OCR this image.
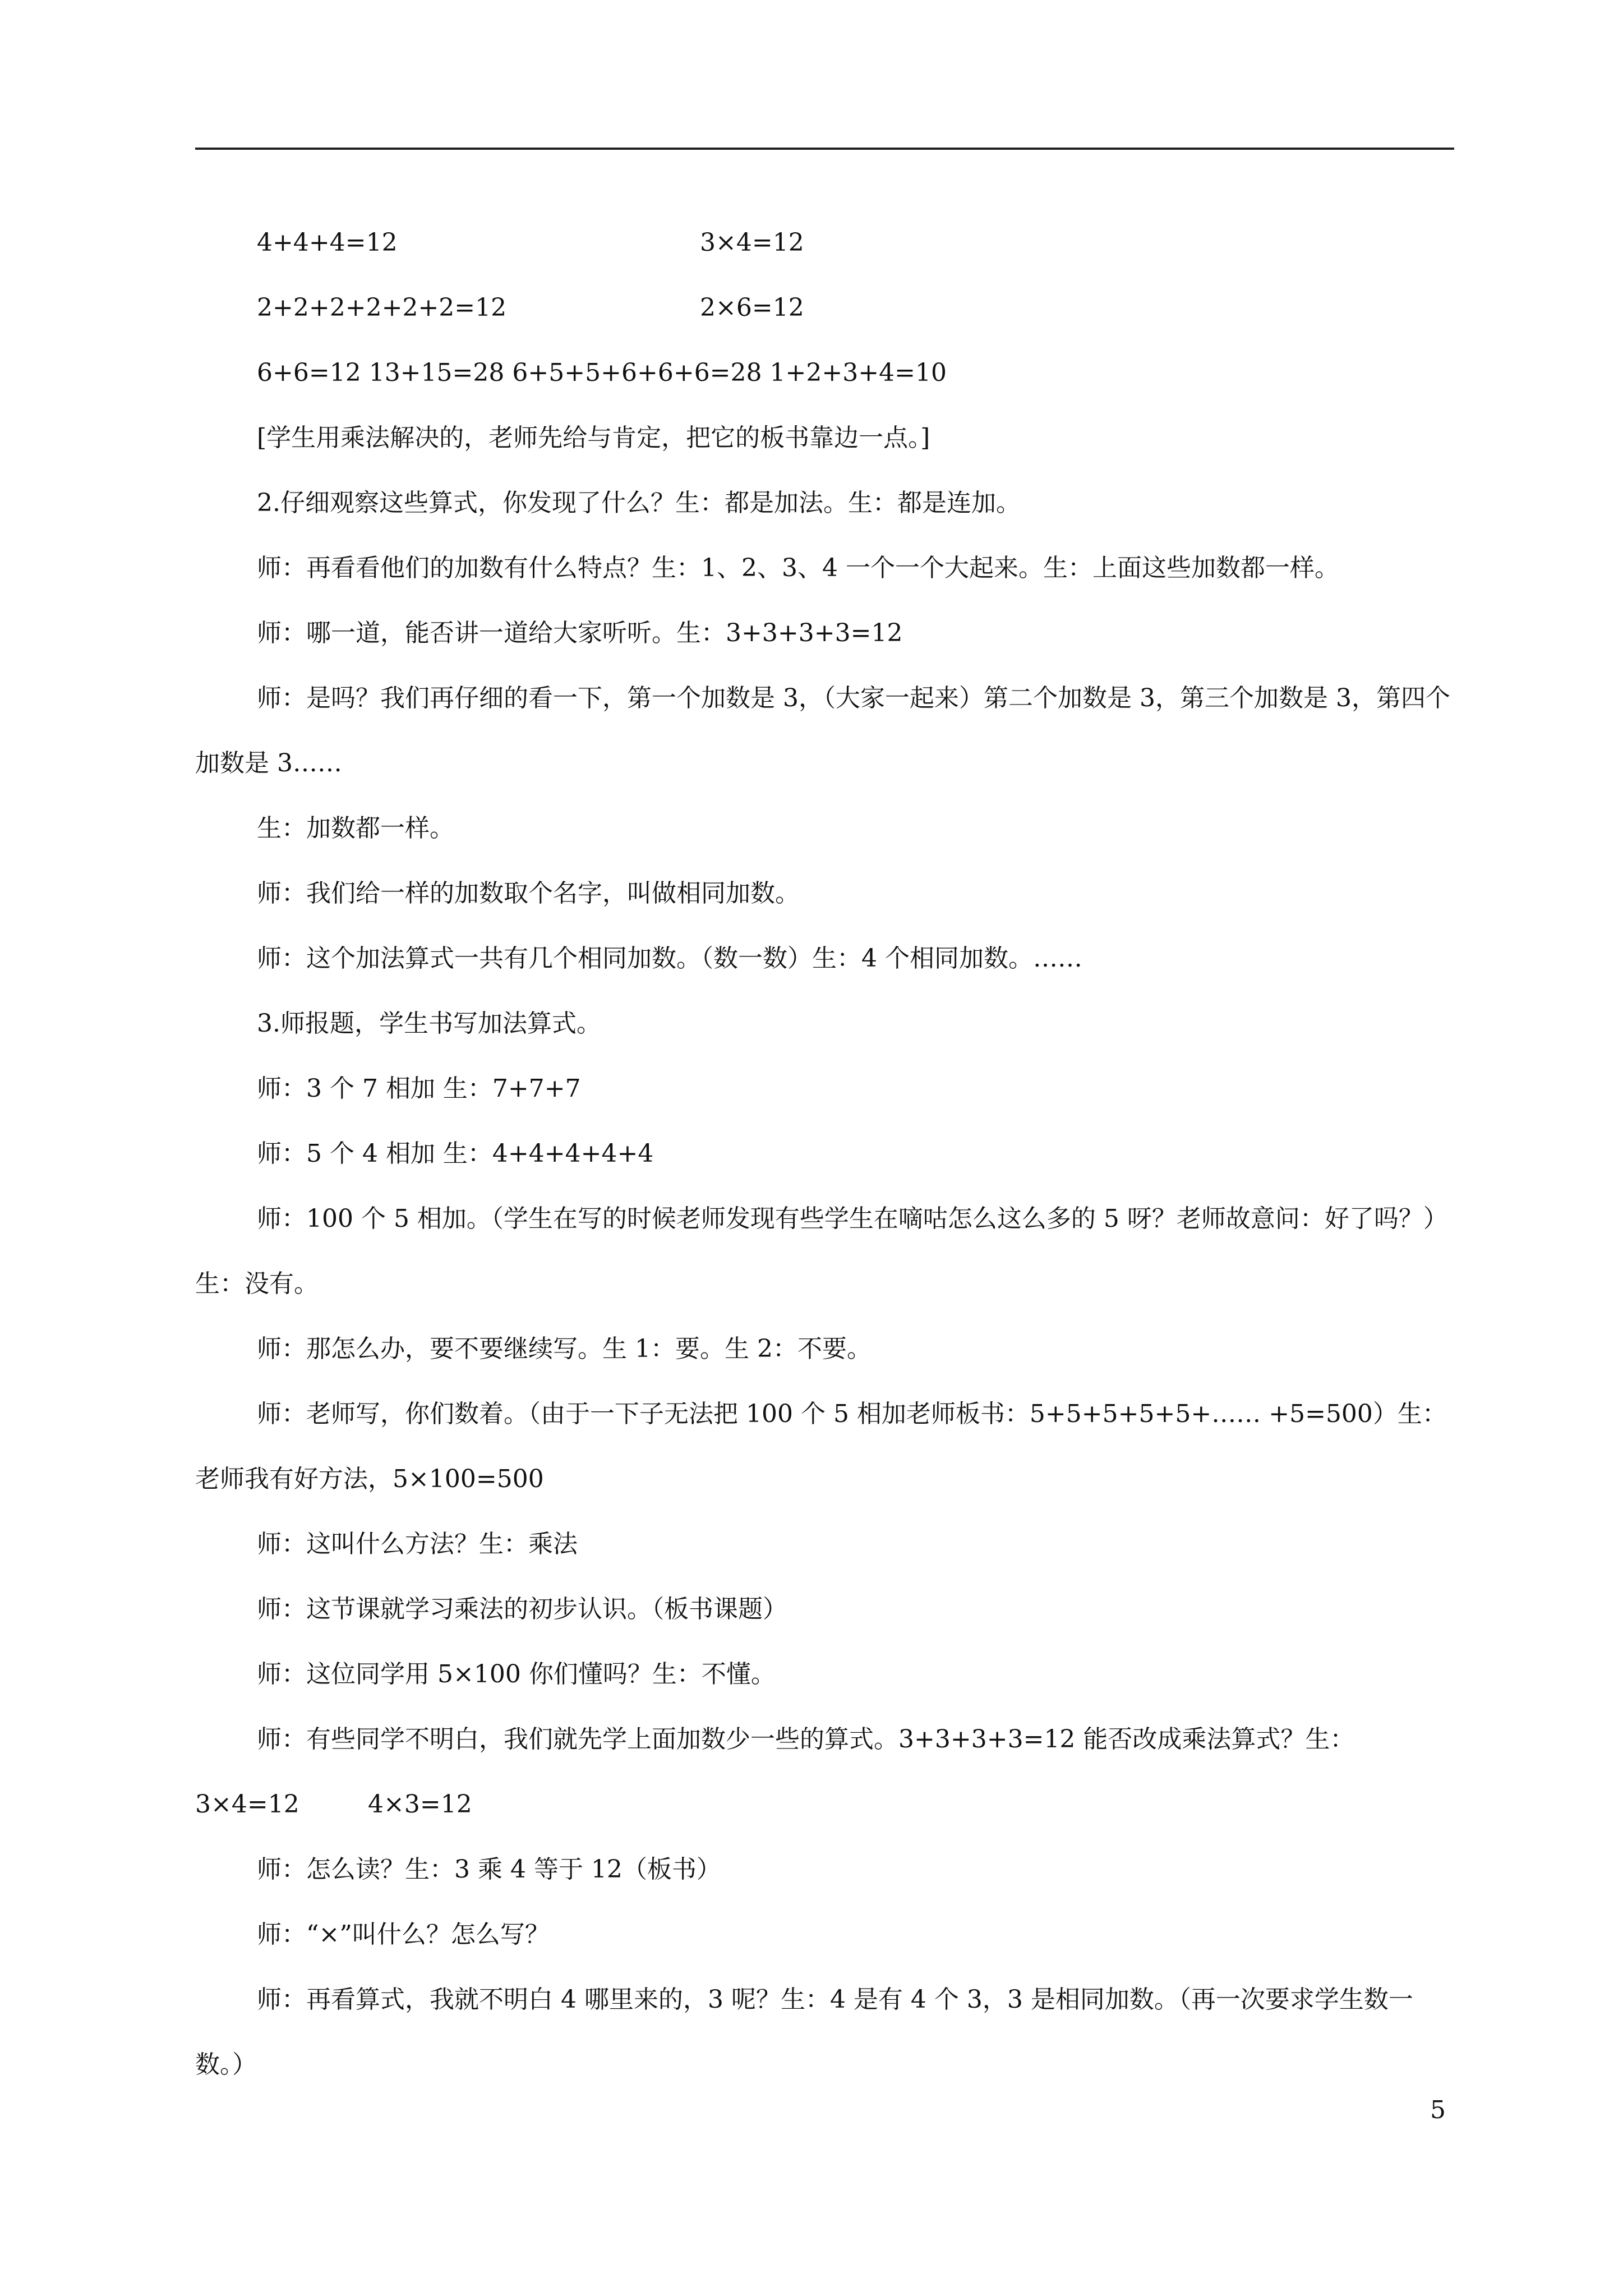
4+4+4=12	3×4=12
2+2+2+2+2+2=12	2×6=12
6+6=12 13+15=28 6+5+5+6+6+6=28 1+2+3+4=10
[学生用乘法解决的，老师先给与肯定，把它的板书靠边一点。]
2.仔细观察这些算式，你发现了什么？生：都是加法。生：都是连加。
师：再看看他们的加数有什么特点？生：1、2、3、4 一个一个大起来。生：上面这些加数都一样。
师：哪一道，能否讲一道给大家听听。生：3+3+3+3=12
师：是吗？我们再仔细的看一下，第一个加数是 3，（大家一起来）第二个加数是 3，第三个加数是 3，第四个加数是 3……
生：加数都一样。
师：我们给一样的加数取个名字，叫做相同加数。
师：这个加法算式一共有几个相同加数。（数一数）生：4 个相同加数。……
3.师报题，学生书写加法算式。
师：3 个 7 相加 生：7+7+7
师：5 个 4 相加 生：4+4+4+4+4
师：100 个 5 相加。（学生在写的时候老师发现有些学生在嘀咕怎么这么多的 5 呀？老师故意问：好了吗？）生：没有。
师：那怎么办，要不要继续写。生 1：要。生 2：不要。
师：老师写，你们数着。（由于一下子无法把 100 个 5 相加老师板书：5+5+5+5+5+…… +5=500）生：老师我有好方法，5×100=500
师：这叫什么方法？生：乘法
师：这节课就学习乘法的初步认识。（板书课题）
师：这位同学用 5×100 你们懂吗？生：不懂。
师：有些同学不明白，我们就先学上面加数少一些的算式。3+3+3+3=12 能否改成乘法算式？生：
3×4=12	4×3=12
师：怎么读？生：3 乘 4 等于 12（板书）
师：“×”叫什么？怎么写？
师：再看算式，我就不明白 4 哪里来的，3 呢？生：4 是有 4 个 3，3 是相同加数。（再一次要求学生数一数。）
5
